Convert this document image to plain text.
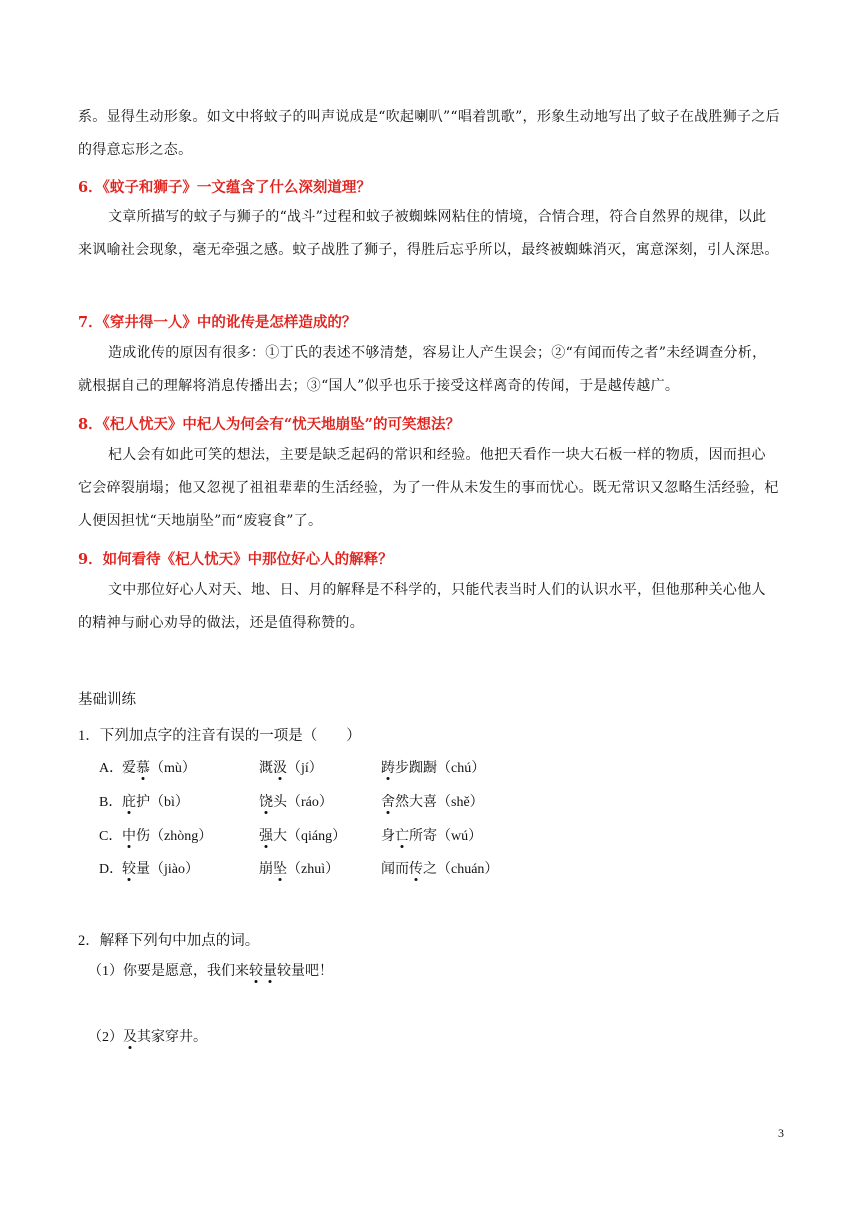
系。显得生动形象。如文中将蚊子的叫声说成是“吹起喇叭”“唱着凯歌”，形象生动地写出了蚊子在战胜狮子之后的得意忘形之态。

6．《蚊子和狮子》一文蕴含了什么深刻道理？

文章所描写的蚊子与狮子的“战斗”过程和蚊子被蜘蛛网粘住的情境，合情合理，符合自然界的规律，以此来讽喻社会现象，毫无牵强之感。蚊子战胜了狮子，得胜后忘乎所以，最终被蜘蛛消灭，寓意深刻，引人深思。

7．《穿井得一人》中的讹传是怎样造成的？

造成讹传的原因有很多：①丁氏的表述不够清楚，容易让人产生误会；②“有闻而传之者”未经调查分析，就根据自己的理解将消息传播出去；③“国人”似乎也乐于接受这样离奇的传闻，于是越传越广。

8．《杞人忧天》中杞人为何会有“忧天地崩坠”的可笑想法？

杞人会有如此可笑的想法，主要是缺乏起码的常识和经验。他把天看作一块大石板一样的物质，因而担心它会碎裂崩塌；他又忽视了祖祖辈辈的生活经验，为了一件从未发生的事而忧心。既无常识又忽略生活经验，杞人便因担忧“天地崩坠”而“废寝食”了。

9．如何看待《杞人忧天》中那位好心人的解释？

文中那位好心人对天、地、日、月的解释是不科学的，只能代表当时人们的认识水平，但他那种关心他人的精神与耐心劝导的做法，还是值得称赞的。

基础训练

1．下列加点字的注音有误的一项是（　　）

A．
爱慕（mù）	溉汲（jí）	踌步踟蹰（chú）
B． 庇护（bì）	饶头（ráo）	舍然大喜（shě）
C． 中伤（zhòng）	强大（qiáng） 身亡所寄（wú）
D．
较量（jiào）	崩坠（zhuì）	闻而传之（chuán）

2．解释下列句中加点的词。

（1）你要是愿意，我们来较量较量吧！

（2）及其家穿井。

3
